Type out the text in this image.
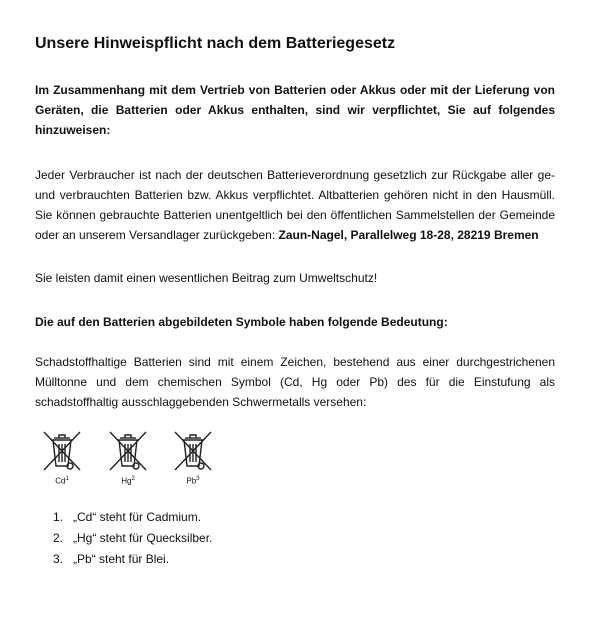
Unsere Hinweispflicht nach dem Batteriegesetz

Im Zusammenhang mit dem Vertrieb von Batterien oder Akkus oder mit der Lieferung von Geräten, die Batterien oder Akkus enthalten, sind wir verpflichtet, Sie auf folgendes hinzuweisen:

Jeder Verbraucher ist nach der deutschen Batterieverordnung gesetzlich zur Rückgabe aller ge- und verbrauchten Batterien bzw. Akkus verpflichtet. Altbatterien gehören nicht in den Hausmüll. Sie können gebrauchte Batterien unentgeltlich bei den öffentlichen Sammelstellen der Gemeinde oder an unserem Versandlager zurückgeben: Zaun-Nagel, Parallelweg 18-28, 28219 Bremen

Sie leisten damit einen wesentlichen Beitrag zum Umweltschutz!

Die auf den Batterien abgebildeten Symbole haben folgende Bedeutung:

Schadstoffhaltige Batterien sind mit einem Zeichen, bestehend aus einer durchgestrichenen Mülltonne und dem chemischen Symbol (Cd, Hg oder Pb) des für die Einstufung als schadstoffhaltig ausschlaggebenden Schwermetalls versehen:

Cd$^1$	Hg$^2$	Pb$^3$
1. „Cd“ steht für Cadmium.
2. „Hg“ steht für Quecksilber.
3. „Pb“ steht für Blei.
